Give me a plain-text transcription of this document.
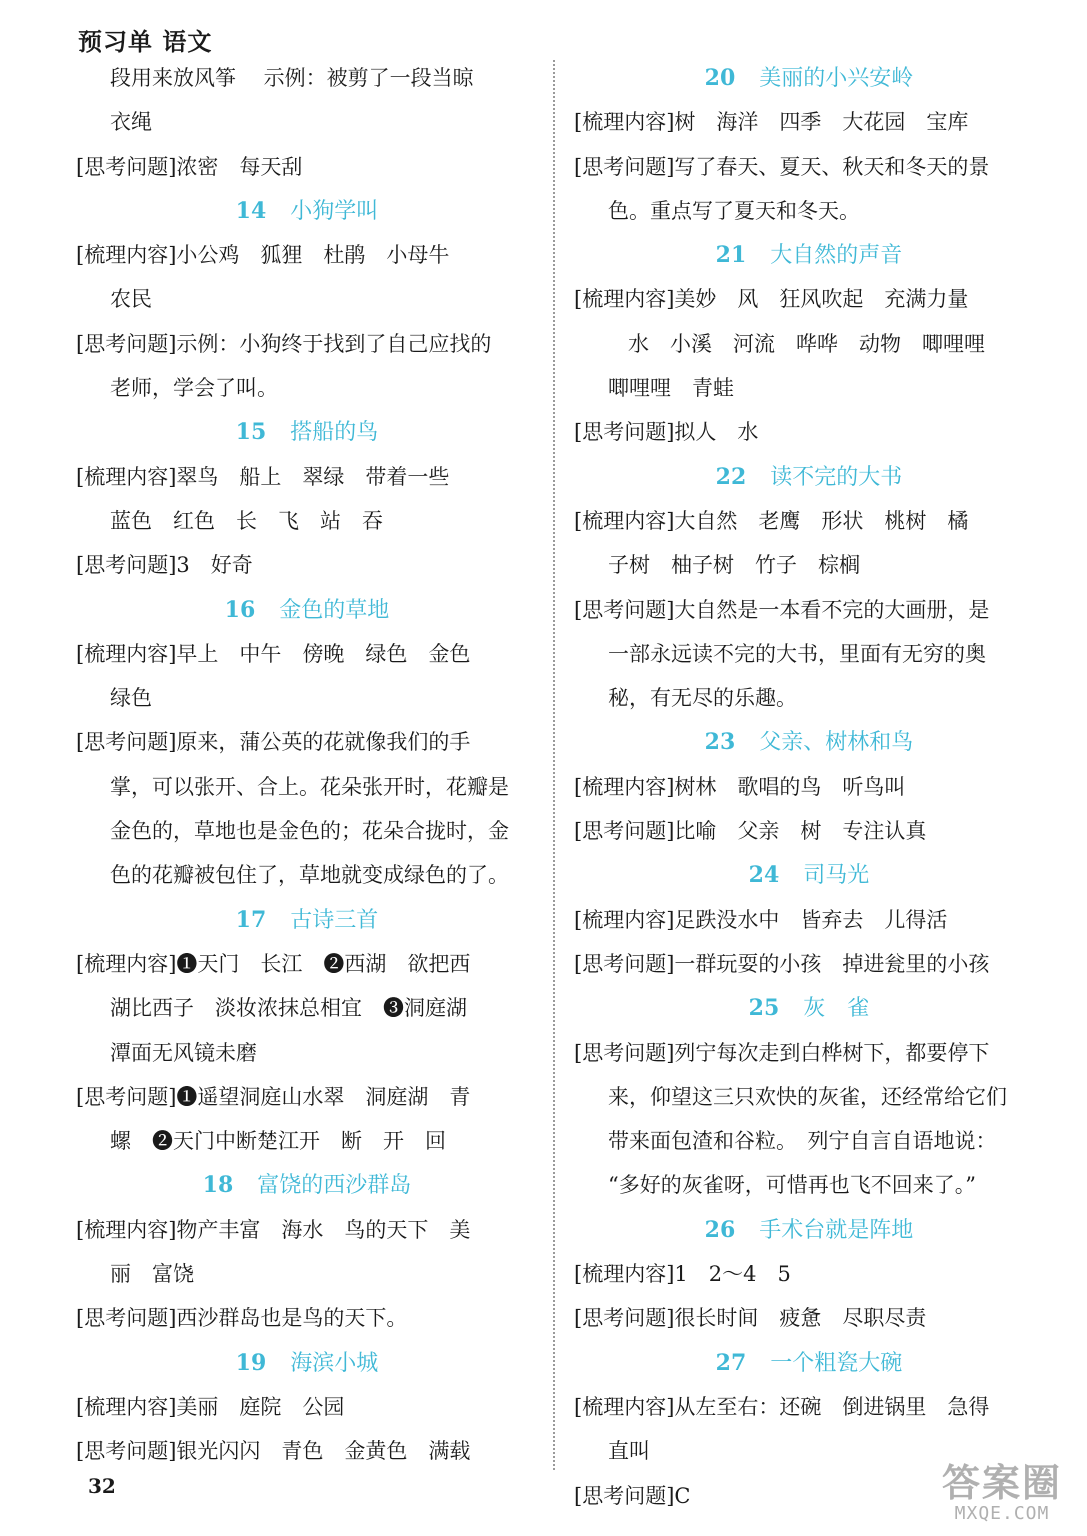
预习单 语文
段用来放风筝　 示例：被剪了一段当晾
衣绳
[思考问题]浓密　每天刮
14 小狗学叫
[梳理内容]小公鸡　狐狸　杜鹃　小母牛
农民
[思考问题]示例：小狗终于找到了自己应找的
老师，学会了叫。
15 搭船的鸟
[梳理内容]翠鸟　船上　翠绿　带着一些
蓝色　红色　长　飞　站　吞
[思考问题]3　好奇
16 金色的草地
[梳理内容]早上　中午　傍晚　绿色　金色
绿色
[思考问题]原来，蒲公英的花就像我们的手
掌，可以张开、合上。花朵张开时，花瓣是
金色的，草地也是金色的；花朵合拢时，金
色的花瓣被包住了，草地就变成绿色的了。
17 古诗三首
[梳理内容]❶天门　长江　❷西湖　欲把西
湖比西子　淡妆浓抹总相宜　❸洞庭湖
潭面无风镜未磨
[思考问题]❶遥望洞庭山水翠　洞庭湖　青
螺　❷天门中断楚江开　断　开　回
18 富饶的西沙群岛
[梳理内容]物产丰富　海水　鸟的天下　美
丽　富饶
[思考问题]西沙群岛也是鸟的天下。
19 海滨小城
[梳理内容]美丽　庭院　公园
[思考问题]银光闪闪　青色　金黄色　满载
20 美丽的小兴安岭
[梳理内容]树　海洋　四季　大花园　宝库
[思考问题]写了春天、夏天、秋天和冬天的景
色。重点写了夏天和冬天。
21 大自然的声音
[梳理内容]美妙　风　狂风吹起　充满力量
水　小溪　河流　哗哗　动物　唧哩哩
唧哩哩　青蛙
[思考问题]拟人　水
22 读不完的大书
[梳理内容]大自然　老鹰　形状　桃树　橘
子树　柚子树　竹子　棕榈
[思考问题]大自然是一本看不完的大画册，是
一部永远读不完的大书，里面有无穷的奥
秘，有无尽的乐趣。
23 父亲、树林和鸟
[梳理内容]树林　歌唱的鸟　听鸟叫
[思考问题]比喻　父亲　树　专注认真
24 司马光
[梳理内容]足跌没水中　皆弃去　儿得活
[思考问题]一群玩耍的小孩　掉进瓮里的小孩
25 灰　雀
[思考问题]列宁每次走到白桦树下，都要停下
来，仰望这三只欢快的灰雀，还经常给它们
带来面包渣和谷粒。　列宁自言自语地说：
“多好的灰雀呀，可惜再也飞不回来了。”
26 手术台就是阵地
[梳理内容]1　2～4　5
[思考问题]很长时间　疲惫　尽职尽责
27 一个粗瓷大碗
[梳理内容]从左至右：还碗　倒进锅里　急得
直叫
[思考问题]C
32	答案圈
MXQE.COM
